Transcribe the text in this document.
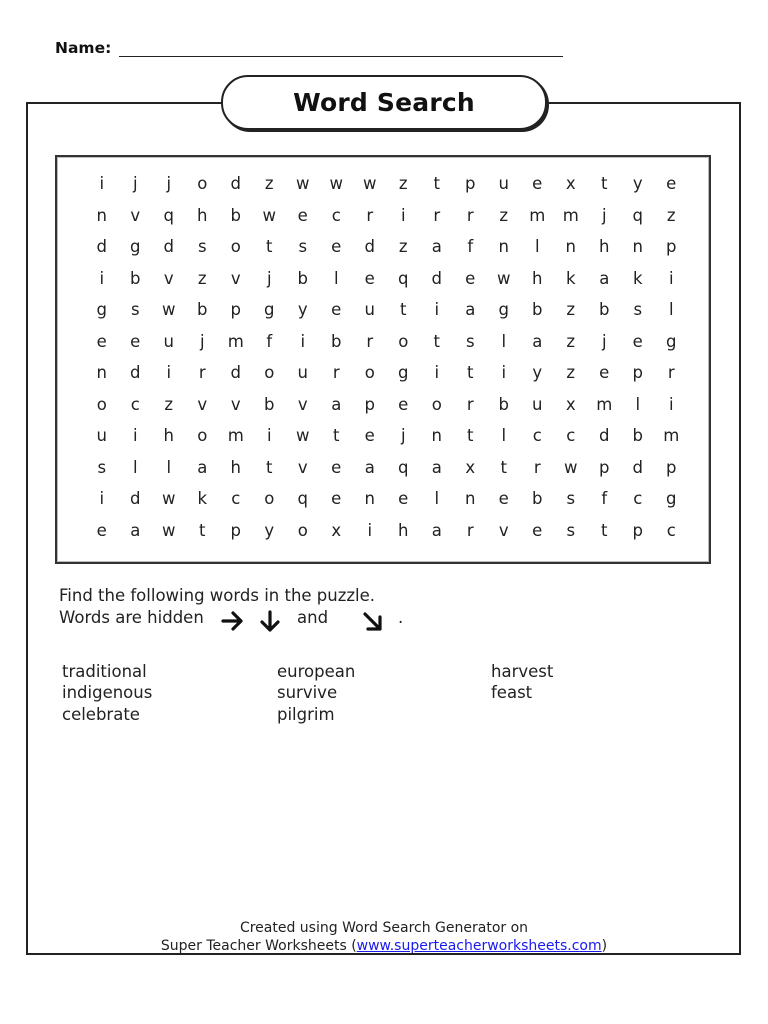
Name:
Word Search
i	j	j	o	d	z	w	w	w	z	t	p	u	e	x	t	y	e
n	v	q	h	b	w	e	c	r	i	r	r	z	m	m	j	q	z
d	g	d	s	o	t	s	e	d	z	a	f	n	l	n	h	n	p
i	b	v	z	v	j	b	l	e	q	d	e	w	h	k	a	k	i
g	s	w	b	p	g	y	e	u	t	i	a	g	b	z	b	s	l
e	e	u	j	m	f	i	b	r	o	t	s	l	a	z	j	e	g
n	d	i	r	d	o	u	r	o	g	i	t	i	y	z	e	p	r
o	c	z	v	v	b	v	a	p	e	o	r	b	u	x	m	l	i
u	i	h	o	m	i	w	t	e	j	n	t	l	c	c	d	b	m
s	l	l	a	h	t	v	e	a	q	a	x	t	r	w	p	d	p
i	d	w	k	c	o	q	e	n	e	l	n	e	b	s	f	c	g
e	a	w	t	p	y	o	x	i	h	a	r	v	e	s	t	p	c
Find the following words in the puzzle.
Words are hidden	and	.
traditional
indigenous
celebrate
european
survive
pilgrim
harvest
feast
Created using Word Search Generator on
Super Teacher Worksheets (www.superteacherworksheets.com)
